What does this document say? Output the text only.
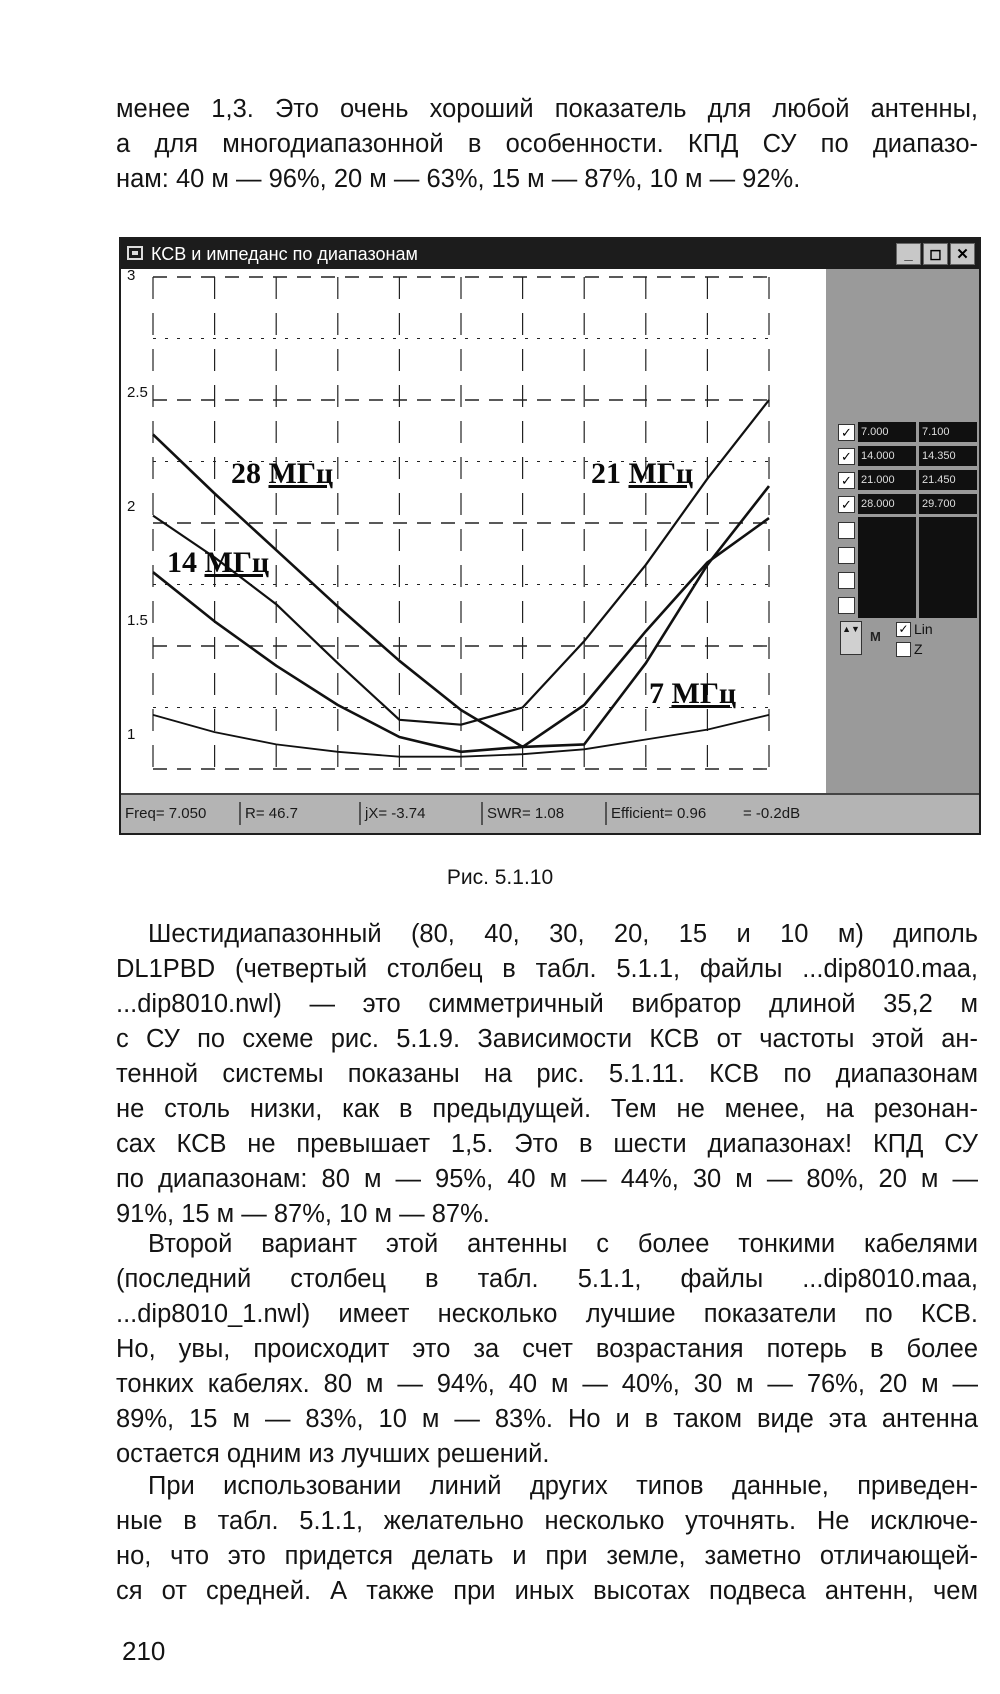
менее 1,3. Это очень хороший показатель для любой антенны,
а для многодиапазонной в особенности. КПД СУ по диапазо-
нам: 40 м — 96%, 20 м — 63%, 15 м — 87%, 10 м — 92%.

КСВ и импеданс по диапазонам	_	◻ ✕
3
2.5
2
1.5
1
28 МГц	21 МГц
14 МГц
7 МГц
✓ 7.000	7.100
✓ 14.000	14.350
✓ 21.000	21.450
✓ 28.000	29.700
▲▼ M
✓ Lin
Z
Freq= 7.050	R= 46.7	jX= -3.74	SWR= 1.08	Efficient= 0.96 = -0.2dB
Рис. 5.1.10

Шестидиапазонный (80, 40, 30, 20, 15 и 10 м) диполь
DL1PBD (четвертый столбец в табл. 5.1.1, файлы ...dip8010.maa,
...dip8010.nwl) — это симметричный вибратор длиной 35,2 м
с СУ по схеме рис. 5.1.9. Зависимости КСВ от частоты этой ан-
тенной системы показаны на рис. 5.1.11. КСВ по диапазонам
не столь низки, как в предыдущей. Тем не менее, на резонан-
сах КСВ не превышает 1,5. Это в шести диапазонах! КПД СУ
по диапазонам: 80 м — 95%, 40 м — 44%, 30 м — 80%, 20 м —
91%, 15 м — 87%, 10 м — 87%.

Второй вариант этой антенны с более тонкими кабелями
(последний столбец в табл. 5.1.1, файлы ...dip8010.maa,
...dip8010_1.nwl) имеет несколько лучшие показатели по КСВ.
Но, увы, происходит это за счет возрастания потерь в более
тонких кабелях. 80 м — 94%, 40 м — 40%, 30 м — 76%, 20 м —
89%, 15 м — 83%, 10 м — 83%. Но и в таком виде эта антенна
остается одним из лучших решений.

При использовании линий других типов данные, приведен-
ные в табл. 5.1.1, желательно несколько уточнять. Не исключе-
но, что это придется делать и при земле, заметно отличающей-
ся от средней. А также при иных высотах подвеса антенн, чем

210
